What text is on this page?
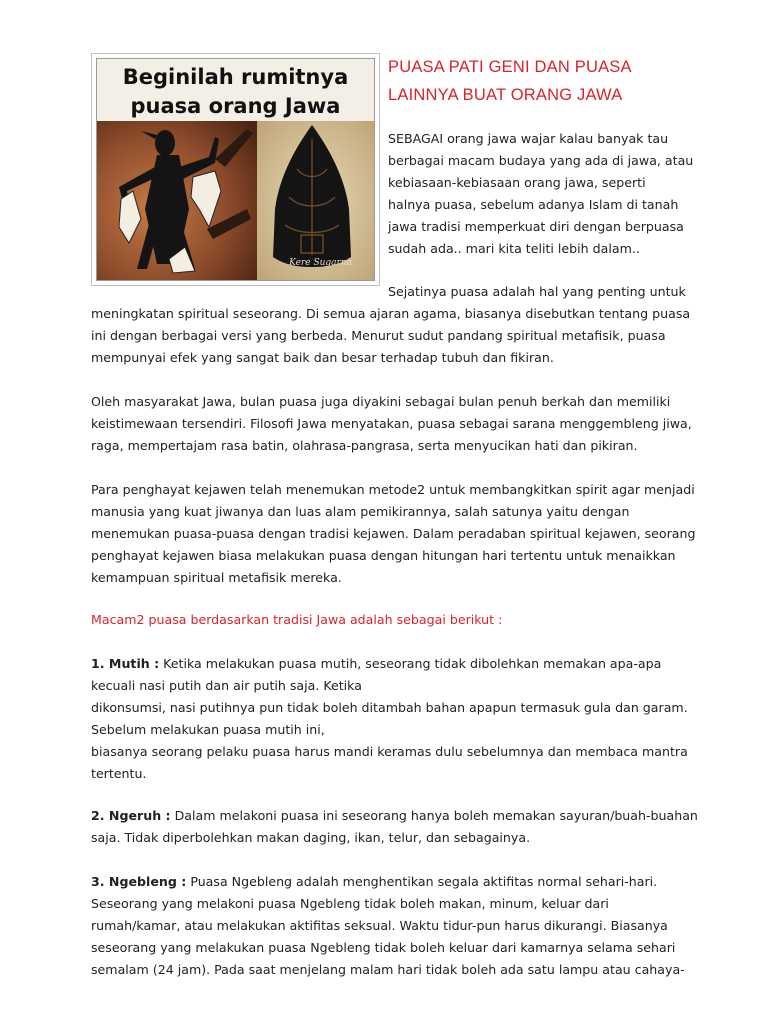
Beginilah rumitnya
puasa orang Jawa
Kere Sugarna
PUASA PATI GENI DAN PUASA
LAINNYA BUAT ORANG JAWA
SEBAGAI orang jawa wajar kalau banyak tau
berbagai macam budaya yang ada di jawa, atau
kebiasaan-kebiasaan orang jawa, seperti
halnya puasa, sebelum adanya Islam di tanah
jawa tradisi memperkuat diri dengan berpuasa
sudah ada.. mari kita teliti lebih dalam..
Sejatinya puasa adalah hal yang penting untuk
meningkatan spiritual seseorang. Di semua ajaran agama, biasanya disebutkan tentang puasa
ini dengan berbagai versi yang berbeda. Menurut sudut pandang spiritual metafisik, puasa
mempunyai efek yang sangat baik dan besar terhadap tubuh dan fikiran.
Oleh masyarakat Jawa, bulan puasa juga diyakini sebagai bulan penuh berkah dan memiliki
keistimewaan tersendiri. Filosofi Jawa menyatakan, puasa sebagai sarana menggembleng jiwa,
raga, mempertajam rasa batin, olahrasa-pangrasa, serta menyucikan hati dan pikiran.
Para penghayat kejawen telah menemukan metode2 untuk membangkitkan spirit agar menjadi
manusia yang kuat jiwanya dan luas alam pemikirannya, salah satunya yaitu dengan
menemukan puasa-puasa dengan tradisi kejawen. Dalam peradaban spiritual kejawen, seorang
penghayat kejawen biasa melakukan puasa dengan hitungan hari tertentu untuk menaikkan
kemampuan spiritual metafisik mereka.
Macam2 puasa berdasarkan tradisi Jawa adalah sebagai berikut :
1. Mutih : Ketika melakukan puasa mutih, seseorang tidak dibolehkan memakan apa-apa
kecuali nasi putih dan air putih saja. Ketika
dikonsumsi, nasi putihnya pun tidak boleh ditambah bahan apapun termasuk gula dan garam.
Sebelum melakukan puasa mutih ini,
biasanya seorang pelaku puasa harus mandi keramas dulu sebelumnya dan membaca mantra
tertentu.
2. Ngeruh : Dalam melakoni puasa ini seseorang hanya boleh memakan sayuran/buah-buahan
saja. Tidak diperbolehkan makan daging, ikan, telur, dan sebagainya.
3. Ngebleng : Puasa Ngebleng adalah menghentikan segala aktifitas normal sehari-hari.
Seseorang yang melakoni puasa Ngebleng tidak boleh makan, minum, keluar dari
rumah/kamar, atau melakukan aktifitas seksual. Waktu tidur-pun harus dikurangi. Biasanya
seseorang yang melakukan puasa Ngebleng tidak boleh keluar dari kamarnya selama sehari
semalam (24 jam). Pada saat menjelang malam hari tidak boleh ada satu lampu atau cahaya-
